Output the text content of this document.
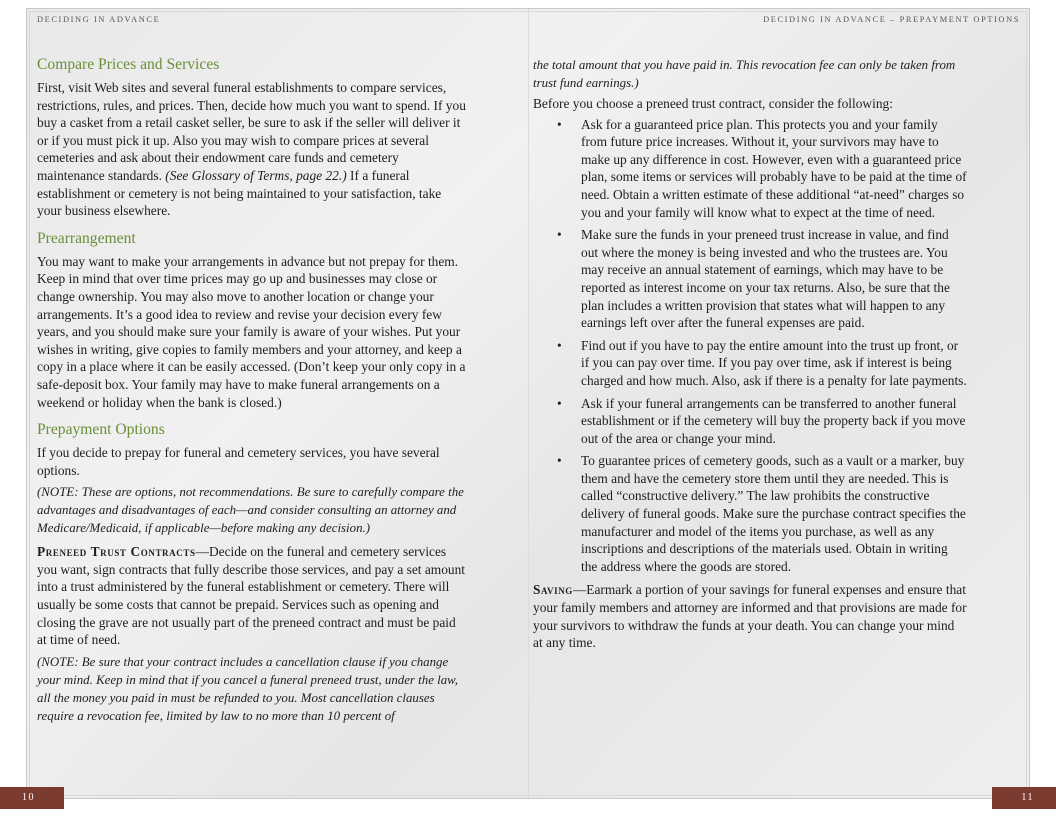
DECIDING IN ADVANCE	DECIDING IN ADVANCE – PREPAYMENT OPTIONS
Compare Prices and Services

First, visit Web sites and several funeral establishments to compare services, restrictions, rules, and prices. Then, decide how much you want to spend. If you buy a casket from a retail casket seller, be sure to ask if the seller will deliver it or if you must pick it up. Also you may wish to compare prices at several cemeteries and ask about their endowment care funds and cemetery maintenance standards. (See Glossary of Terms, page 22.) If a funeral establishment or cemetery is not being maintained to your satisfaction, take your business elsewhere.

Prearrangement

You may want to make your arrangements in advance but not prepay for them. Keep in mind that over time prices may go up and businesses may close or change ownership. You may also move to another location or change your arrangements. It’s a good idea to review and revise your decision every few years, and you should make sure your family is aware of your wishes. Put your wishes in writing, give copies to family members and your attorney, and keep a copy in a place where it can be easily accessed. (Don’t keep your only copy in a safe-deposit box. Your family may have to make funeral arrangements on a weekend or holiday when the bank is closed.)

Prepayment Options

If you decide to prepay for funeral and cemetery services, you have several options.

(NOTE: These are options, not recommendations. Be sure to carefully compare the advantages and disadvantages of each—and consider consulting an attorney and Medicare/Medicaid, if applicable—before making any decision.)

Preneed Trust Contracts—Decide on the funeral and cemetery services you want, sign contracts that fully describe those services, and pay a set amount into a trust administered by the funeral establishment or cemetery. There will usually be some costs that cannot be prepaid. Services such as opening and closing the grave are not usually part of the preneed contract and must be paid at time of need.

(NOTE: Be sure that your contract includes a cancellation clause if you change your mind. Keep in mind that if you cancel a funeral preneed trust, under the law, all the money you paid in must be refunded to you. Most cancellation clauses require a revocation fee, limited by law to no more than 10 percent of

the total amount that you have paid in. This revocation fee can only be taken from trust fund earnings.)

Before you choose a preneed trust contract, consider the following:

• Ask for a guaranteed price plan. This protects you and your family from future price increases. Without it, your survivors may have to make up any difference in cost. However, even with a guaranteed price plan, some items or services will probably have to be paid at the time of need. Obtain a written estimate of these additional “at-need” charges so you and your family will know what to expect at the time of need.
• Make sure the funds in your preneed trust increase in value, and find out where the money is being invested and who the trustees are. You may receive an annual statement of earnings, which may have to be reported as interest income on your tax returns. Also, be sure that the plan includes a written provision that states what will happen to any earnings left over after the funeral expenses are paid.
• Find out if you have to pay the entire amount into the trust up front, or if you can pay over time. If you pay over time, ask if interest is being charged and how much. Also, ask if there is a penalty for late payments.
• Ask if your funeral arrangements can be transferred to another funeral establishment or if the cemetery will buy the property back if you move out of the area or change your mind.
• To guarantee prices of cemetery goods, such as a vault or a marker, buy them and have the cemetery store them until they are needed. This is called “constructive delivery.” The law prohibits the constructive delivery of funeral goods. Make sure the purchase contract specifies the manufacturer and model of the items you purchase, as well as any inscriptions and descriptions of the materials used. Obtain in writing the address where the goods are stored.

Saving—Earmark a portion of your savings for funeral expenses and ensure that your family members and attorney are informed and that provisions are made for your survivors to withdraw the funds at your death. You can change your mind at any time.

10	11
